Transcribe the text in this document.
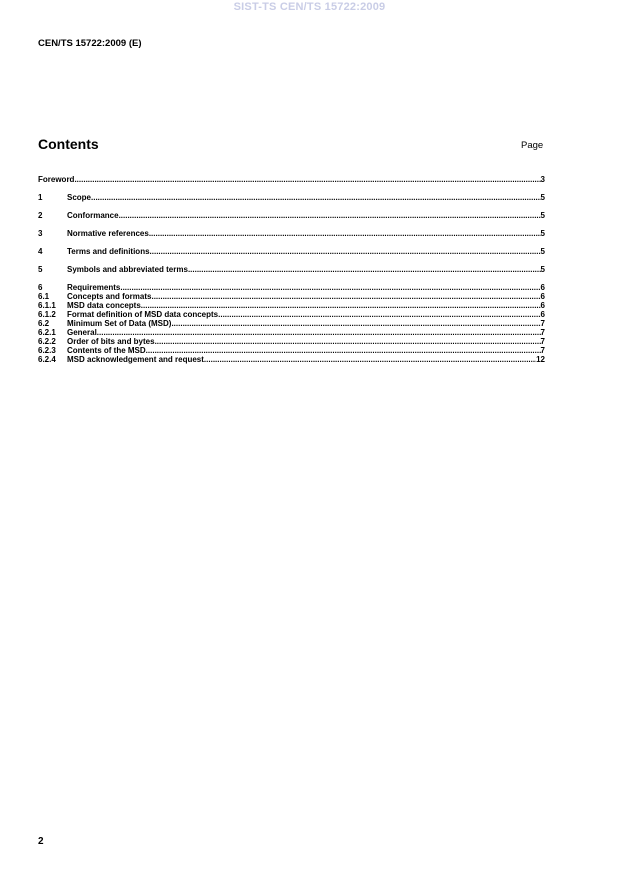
SIST-TS CEN/TS 15722:2009
CEN/TS 15722:2009 (E)
Contents	Page
Foreword .....	3
1	Scope .....	5
2	Conformance .....	5
3	Normative references .....	5
4	Terms and definitions .....	5
5	Symbols and abbreviated terms .....	5
6	Requirements .....	6
6.1	Concepts and formats .....	6
6.1.1	MSD data concepts .....	6
6.1.2	Format definition of MSD data concepts .....	6
6.2	Minimum Set of Data (MSD) .....	7
6.2.1	General .....	7
6.2.2	Order of bits and bytes .....	7
6.2.3	Contents of the MSD .....	7
6.2.4	MSD acknowledgement and request .....	12
2
